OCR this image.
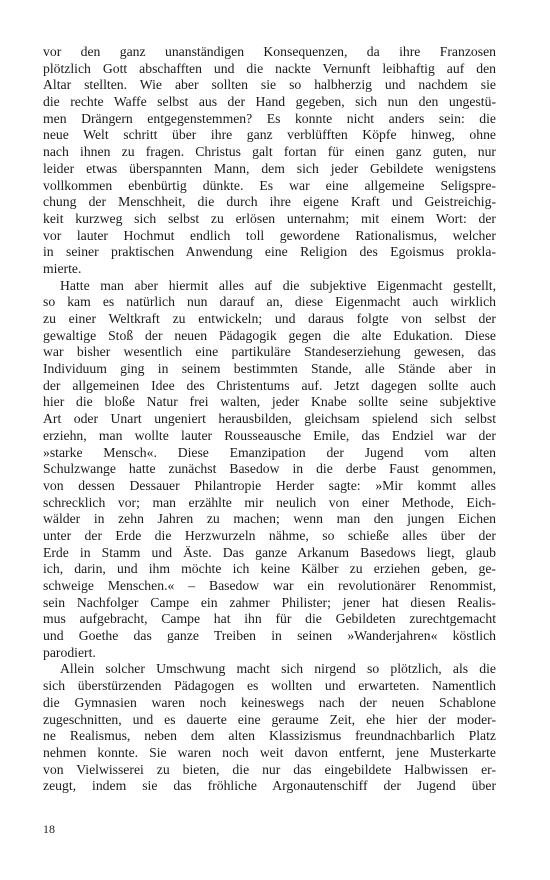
vor den ganz unanständigen Konsequenzen, da ihre Franzosen
plötzlich Gott abschafften und die nackte Vernunft leibhaftig auf den
Altar stellten. Wie aber sollten sie so halbherzig und nachdem sie
die rechte Waffe selbst aus der Hand gegeben, sich nun den ungestü-
men Drängern entgegenstemmen? Es konnte nicht anders sein: die
neue Welt schritt über ihre ganz verblüfften Köpfe hinweg, ohne
nach ihnen zu fragen. Christus galt fortan für einen ganz guten, nur
leider etwas überspannten Mann, dem sich jeder Gebildete wenigstens
vollkommen ebenbürtig dünkte. Es war eine allgemeine Seligspre-
chung der Menschheit, die durch ihre eigene Kraft und Geistreichig-
keit kurzweg sich selbst zu erlösen unternahm; mit einem Wort: der
vor lauter Hochmut endlich toll gewordene Rationalismus, welcher
in seiner praktischen Anwendung eine Religion des Egoismus prokla-
mierte.
Hatte man aber hiermit alles auf die subjektive Eigenmacht gestellt,
so kam es natürlich nun darauf an, diese Eigenmacht auch wirklich
zu einer Weltkraft zu entwickeln; und daraus folgte von selbst der
gewaltige Stoß der neuen Pädagogik gegen die alte Edukation. Diese
war bisher wesentlich eine partikuläre Standeserziehung gewesen, das
Individuum ging in seinem bestimmten Stande, alle Stände aber in
der allgemeinen Idee des Christentums auf. Jetzt dagegen sollte auch
hier die bloße Natur frei walten, jeder Knabe sollte seine subjektive
Art oder Unart ungeniert herausbilden, gleichsam spielend sich selbst
erziehn, man wollte lauter Rousseausche Emile, das Endziel war der
»starke Mensch«. Diese Emanzipation der Jugend vom alten
Schulzwange hatte zunächst Basedow in die derbe Faust genommen,
von dessen Dessauer Philantropie Herder sagte: »Mir kommt alles
schrecklich vor; man erzählte mir neulich von einer Methode, Eich-
wälder in zehn Jahren zu machen; wenn man den jungen Eichen
unter der Erde die Herzwurzeln nähme, so schieße alles über der
Erde in Stamm und Äste. Das ganze Arkanum Basedows liegt, glaub
ich, darin, und ihm möchte ich keine Kälber zu erziehen geben, ge-
schweige Menschen.« – Basedow war ein revolutionärer Renommist,
sein Nachfolger Campe ein zahmer Philister; jener hat diesen Realis-
mus aufgebracht, Campe hat ihn für die Gebildeten zurechtgemacht
und Goethe das ganze Treiben in seinen »Wanderjahren« köstlich
parodiert.
Allein solcher Umschwung macht sich nirgend so plötzlich, als die
sich überstürzenden Pädagogen es wollten und erwarteten. Namentlich
die Gymnasien waren noch keineswegs nach der neuen Schablone
zugeschnitten, und es dauerte eine geraume Zeit, ehe hier der moder-
ne Realismus, neben dem alten Klassizismus freundnachbarlich Platz
nehmen konnte. Sie waren noch weit davon entfernt, jene Musterkarte
von Vielwisserei zu bieten, die nur das eingebildete Halbwissen er-
zeugt, indem sie das fröhliche Argonautenschiff der Jugend über
18
